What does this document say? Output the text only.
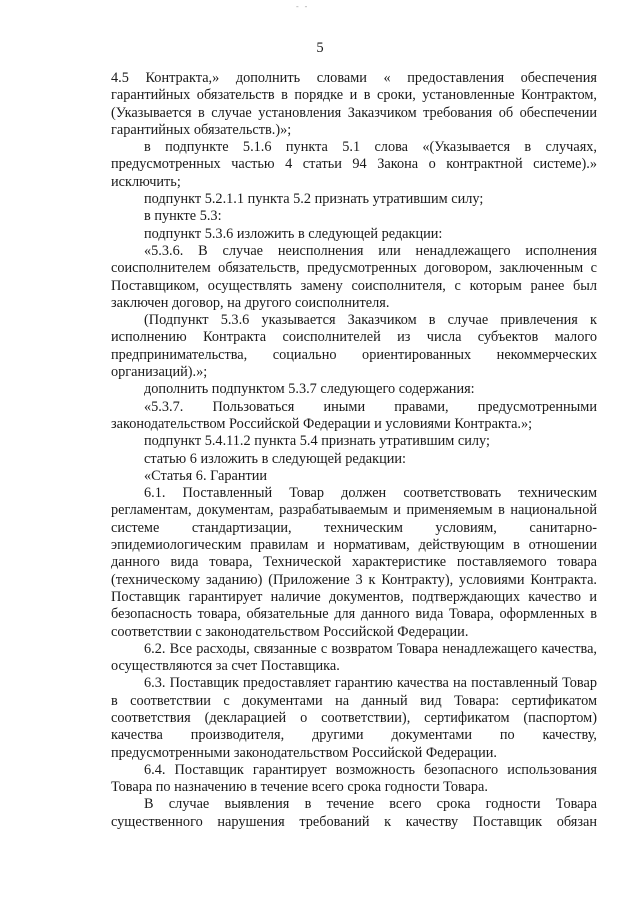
- -
5

4.5 Контракта,» дополнить словами « предоставления обеспечения гарантийных обязательств в порядке и в сроки, установленные Контрактом, (Указывается в случае установления Заказчиком требования об обеспечении гарантийных обязательств.)»;

в подпункте 5.1.6 пункта 5.1 слова «(Указывается в случаях, предусмотренных частью 4 статьи 94 Закона о контрактной системе).» исключить;

подпункт 5.2.1.1 пункта 5.2 признать утратившим силу;

в пункте 5.3:

подпункт 5.3.6 изложить в следующей редакции:

«5.3.6. В случае неисполнения или ненадлежащего исполнения соисполнителем обязательств, предусмотренных договором, заключенным с Поставщиком, осуществлять замену соисполнителя, с которым ранее был заключен договор, на другого соисполнителя.

(Подпункт 5.3.6 указывается Заказчиком в случае привлечения к исполнению Контракта соисполнителей из числа субъектов малого предпринимательства, социально ориентированных некоммерческих организаций).»;

дополнить подпунктом 5.3.7 следующего содержания:

«5.3.7. Пользоваться иными правами, предусмотренными законодательством Российской Федерации и условиями Контракта.»;

подпункт 5.4.11.2 пункта 5.4 признать утратившим силу;

статью 6 изложить в следующей редакции:

«Статья 6. Гарантии

6.1. Поставленный Товар должен соответствовать техническим регламентам, документам, разрабатываемым и применяемым в национальной системе стандартизации, техническим условиям, санитарно-эпидемиологическим правилам и нормативам, действующим в отношении данного вида товара, Технической характеристике поставляемого товара (техническому заданию) (Приложение 3 к Контракту), условиями Контракта. Поставщик гарантирует наличие документов, подтверждающих качество и безопасность товара, обязательные для данного вида Товара, оформленных в соответствии с законодательством Российской Федерации.

6.2. Все расходы, связанные с возвратом Товара ненадлежащего качества, осуществляются за счет Поставщика.

6.3. Поставщик предоставляет гарантию качества на поставленный Товар в соответствии с документами на данный вид Товара: сертификатом соответствия (декларацией о соответствии), сертификатом (паспортом) качества производителя, другими документами по качеству, предусмотренными законодательством Российской Федерации.

6.4. Поставщик гарантирует возможность безопасного использования Товара по назначению в течение всего срока годности Товара.

В случае выявления в течение всего срока годности Товара существенного нарушения требований к качеству Поставщик обязан
